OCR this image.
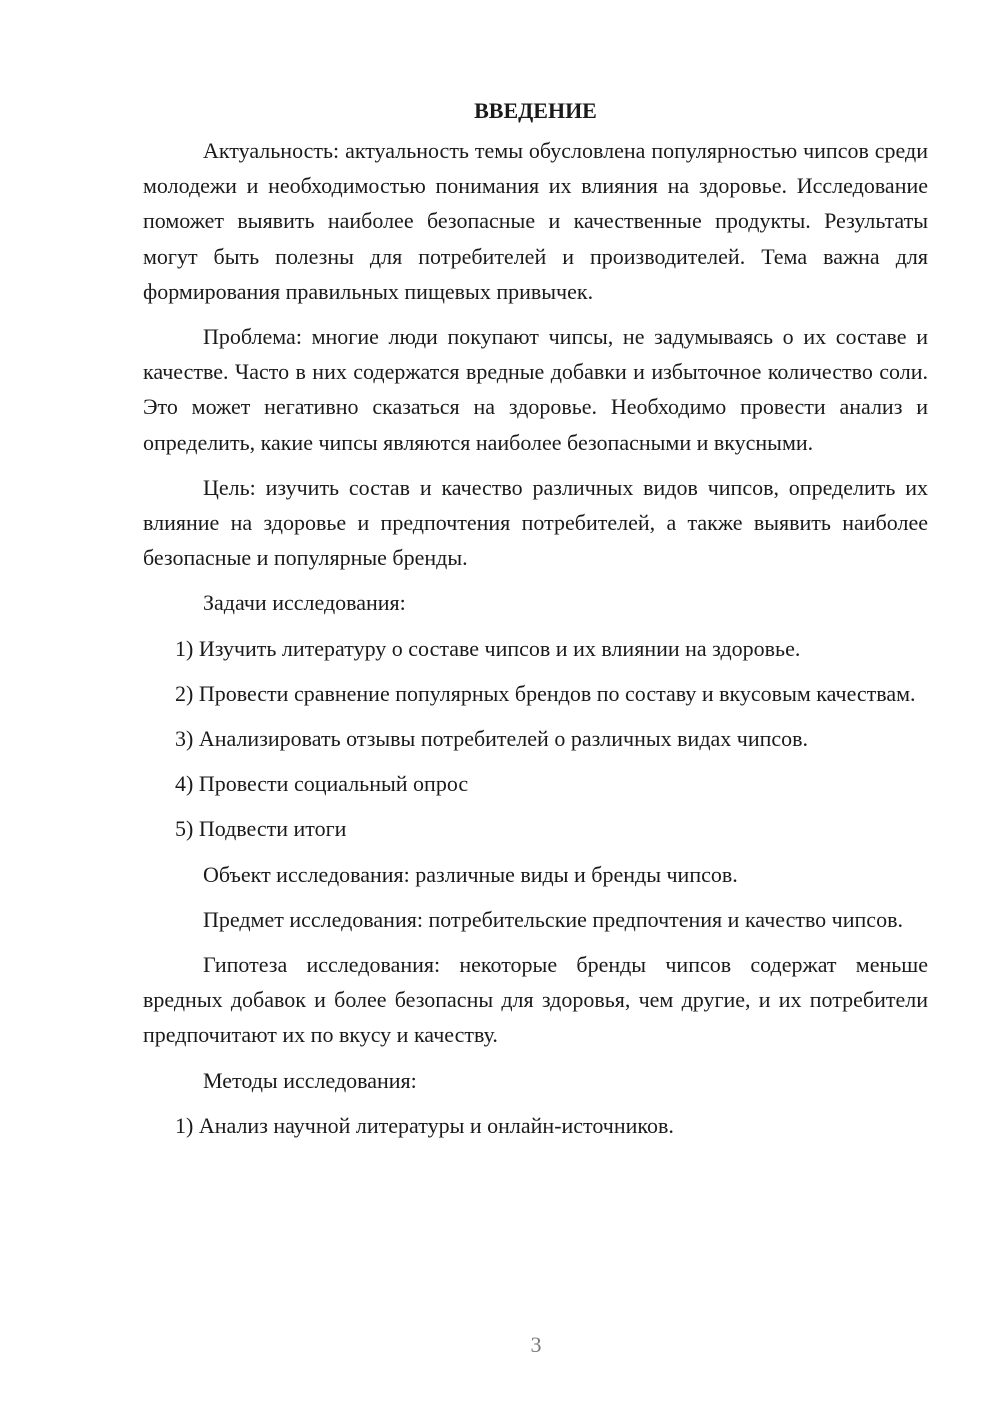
ВВЕДЕНИЕ

Актуальность: актуальность темы обусловлена популярностью чипсов среди молодежи и необходимостью понимания их влияния на здоровье. Исследование поможет выявить наиболее безопасные и качественные продукты. Результаты могут быть полезны для потребителей и производителей. Тема важна для формирования правильных пищевых привычек.

Проблема: многие люди покупают чипсы, не задумываясь о их составе и качестве. Часто в них содержатся вредные добавки и избыточное количество соли. Это может негативно сказаться на здоровье. Необходимо провести анализ и определить, какие чипсы являются наиболее безопасными и вкусными.

Цель: изучить состав и качество различных видов чипсов, определить их влияние на здоровье и предпочтения потребителей, а также выявить наиболее безопасные и популярные бренды.

Задачи исследования:

1) Изучить литературу о составе чипсов и их влиянии на здоровье.

2) Провести сравнение популярных брендов по составу и вкусовым качествам.

3) Анализировать отзывы потребителей о различных видах чипсов.

4) Провести социальный опрос

5) Подвести итоги

Объект исследования: различные виды и бренды чипсов.

Предмет исследования: потребительские предпочтения и качество чипсов.

Гипотеза исследования: некоторые бренды чипсов содержат меньше вредных добавок и более безопасны для здоровья, чем другие, и их потребители предпочитают их по вкусу и качеству.

Методы исследования:

1) Анализ научной литературы и онлайн-источников.

3
